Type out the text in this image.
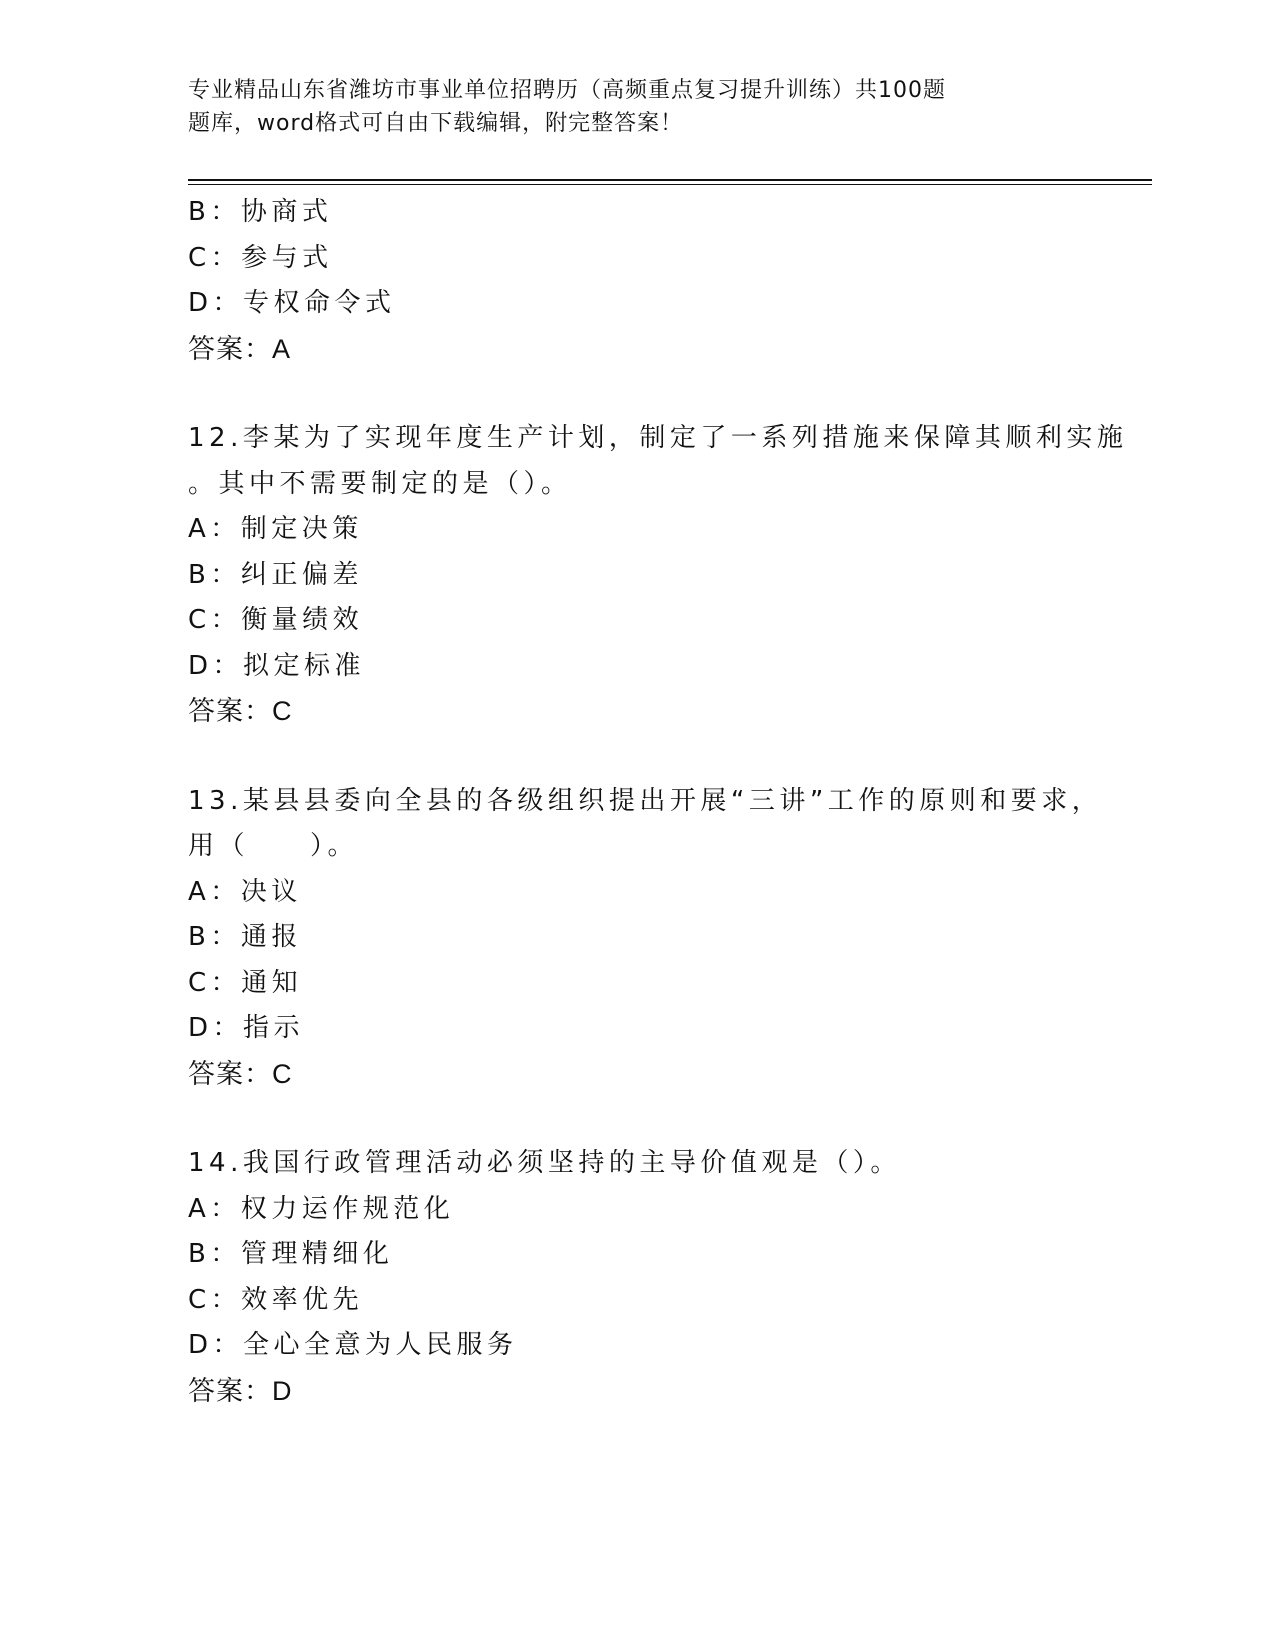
专业精品山东省潍坊市事业单位招聘历（高频重点复习提升训练）共100题
题库，word格式可自由下载编辑，附完整答案！
B：协商式
C：参与式
D：专权命令式
答案：A
12.李某为了实现年度生产计划，制定了一系列措施来保障其顺利实施
。其中不需要制定的是（）。
A：制定决策
B：纠正偏差
C：衡量绩效
D：拟定标准
答案：C
13.某县县委向全县的各级组织提出开展“三讲”工作的原则和要求，
用（　　）。
A：决议
B：通报
C：通知
D：指示
答案：C
14.我国行政管理活动必须坚持的主导价值观是（）。
A：权力运作规范化
B：管理精细化
C：效率优先
D：全心全意为人民服务
答案：D
